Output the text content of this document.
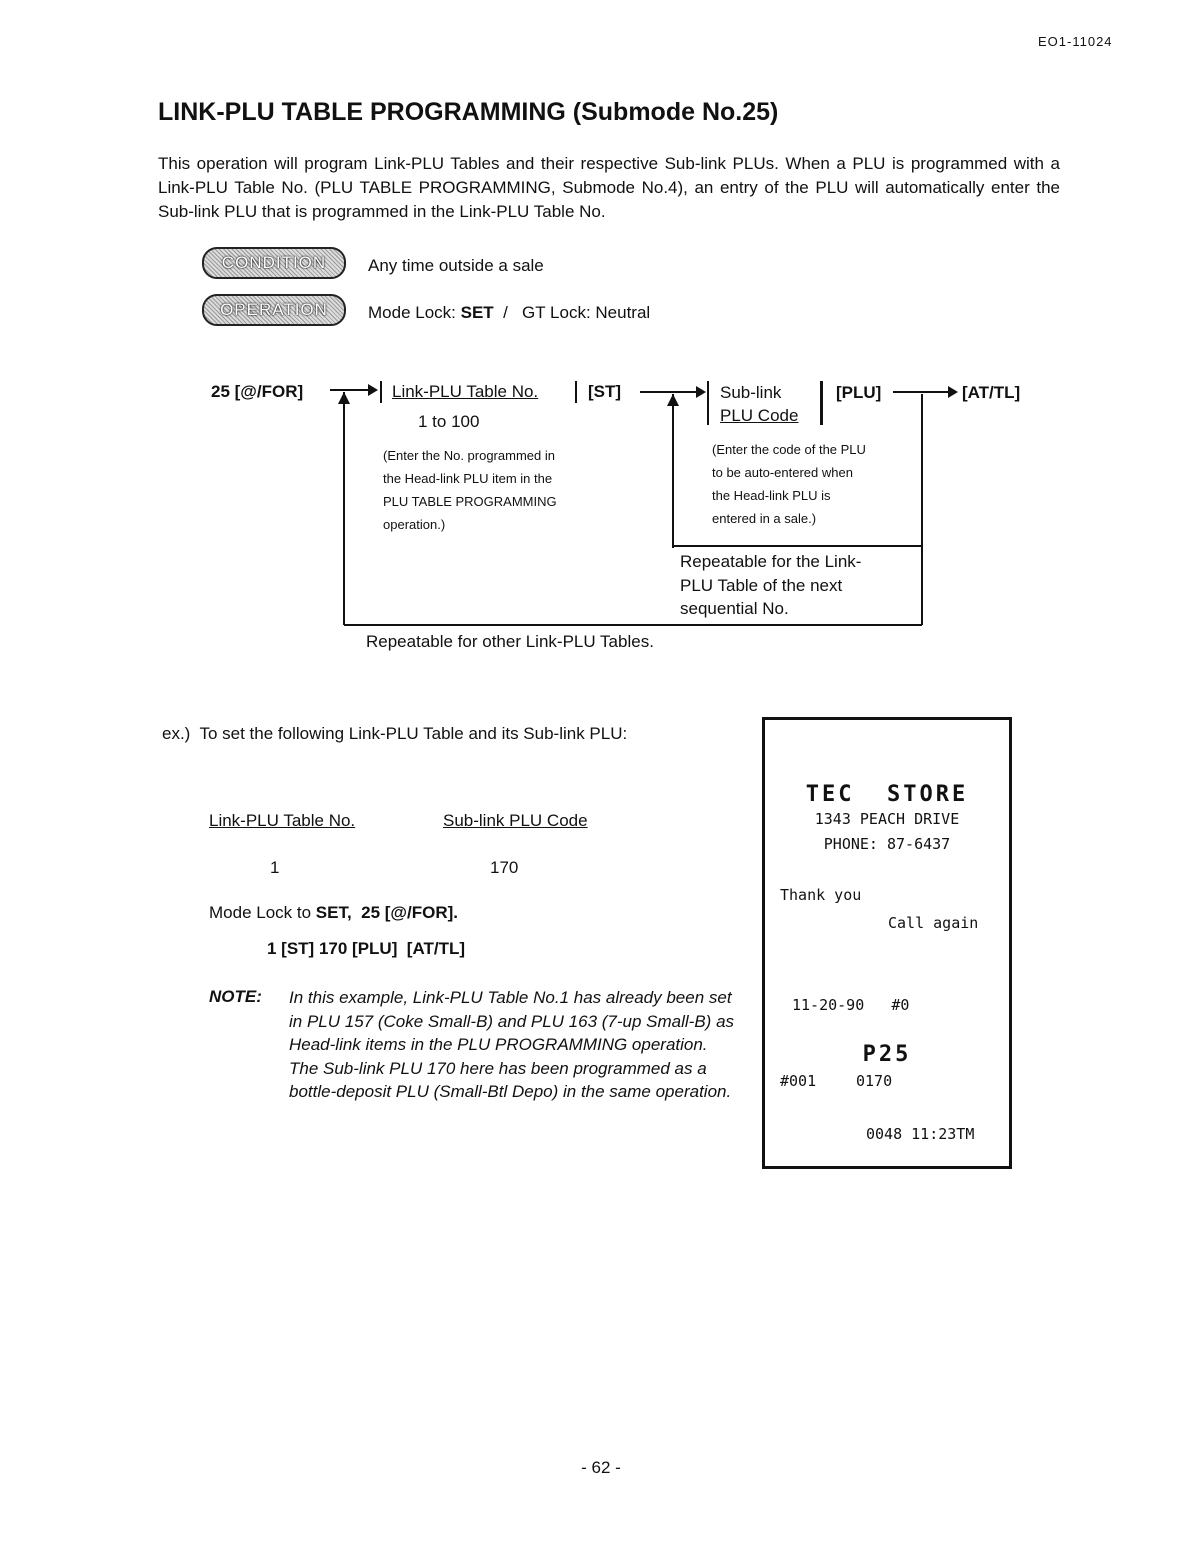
EO1-11024
LINK-PLU TABLE PROGRAMMING (Submode No.25)
This operation will program Link-PLU Tables and their respective Sub-link PLUs. When a PLU is programmed with a Link-PLU Table No. (PLU TABLE PROGRAMMING, Submode No.4), an entry of the PLU will automatically enter the Sub-link PLU that is programmed in the Link-PLU Table No.
CONDITION	Any time outside a sale
OPERATION	Mode Lock: SET  /   GT Lock: Neutral
25 [@/FOR]	Link-PLU Table No.	[ST]
1 to 100
Sub-link
PLU Code
[PLU]	[AT/TL]
(Enter the No. programmed in
the Head-link PLU item in the
PLU TABLE PROGRAMMING
operation.)
(Enter the code of the PLU
to be auto-entered when
the Head-link PLU is
entered in a sale.)
Repeatable for the Link-
PLU Table of the next
sequential No.
Repeatable for other Link-PLU Tables.
ex.)  To set the following Link-PLU Table and its Sub-link PLU:
Link-PLU Table No.	Sub-link PLU Code
1	170
Mode Lock to SET,  25 [@/FOR].
1 [ST] 170 [PLU]  [AT/TL]
NOTE: In this example, Link-PLU Table No.1 has already been set in PLU 157 (Coke Small-B) and PLU 163 (7-up Small-B) as Head-link items in the PLU PROGRAMMING operation. The Sub-link PLU 170 here has been programmed as a bottle-deposit PLU (Small-Btl Depo) in the same operation.
TEC  STORE
1343 PEACH DRIVE
PHONE: 87-6437
Thank you
Call again
11-20-90   #0
P25
#001	0170
0048 11:23TM
- 62 -
